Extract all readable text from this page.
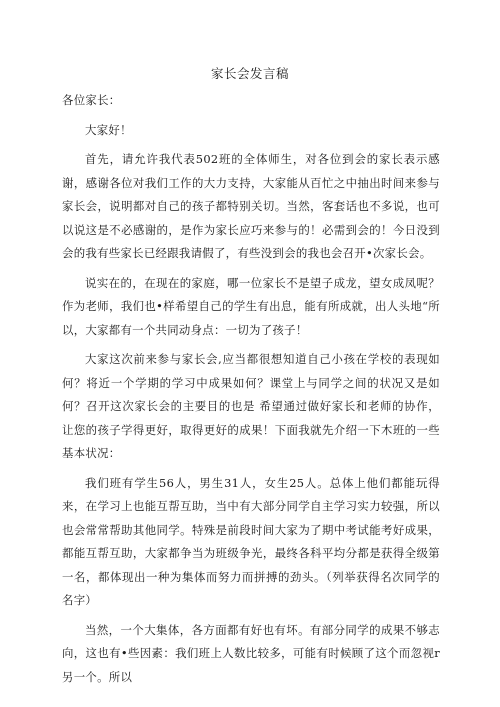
家长会发言稿

各位家长：

大家好！

首先，请允许我代表502班的全体师生，对各位到会的家长表示感谢，感谢各位对我们工作的大力支持，大家能从百忙之中抽出时间来参与家长会，说明都对自己的孩子都特别关切。当然，客套话也不多说，也可以说这是不必感谢的，是作为家长应巧来参与的！必需到会的！今日没到会的我有些家长已经跟我请假了，有些没到会的我也会召开•次家长会。

说实在的，在现在的家庭，哪一位家长不是望子成龙，望女成凤呢？作为老师，我们也•样希望自己的学生有出息，能有所成就，出人头地“所以，大家都有一个共同动身点：一切为了孩子！

大家这次前来参与家长会,应当都很想知道自己小孩在学校的表现如何？将近一个学期的学习中成果如何？课堂上与同学之间的状况又是如何？召开这次家长会的主要目的也是 希望通过做好家长和老师的协作，让您的孩子学得更好，取得更好的成果！下面我就先介绍一下木班的一些基本状况：

我们班有学生56人，男生31人，女生25人。总体上他们都能玩得来，在学习上也能互帮互助，当中有大部分同学自主学习实力较强，所以也会常常帮助其他同学。特殊是前段时间大家为了期中考试能考好成果，都能互帮互助，大家都争当为班级争光，最终各科平均分都是获得全级第一名，都体现出一种为集体而努力而拼搏的劲头。（列举获得名次同学的名字）

当然，一个大集体，各方面都有好也有坏。有部分同学的成果不够志向，这也有•些因素：我们班上人数比较多，可能有时候顾了这个而忽视r另一个。所以
